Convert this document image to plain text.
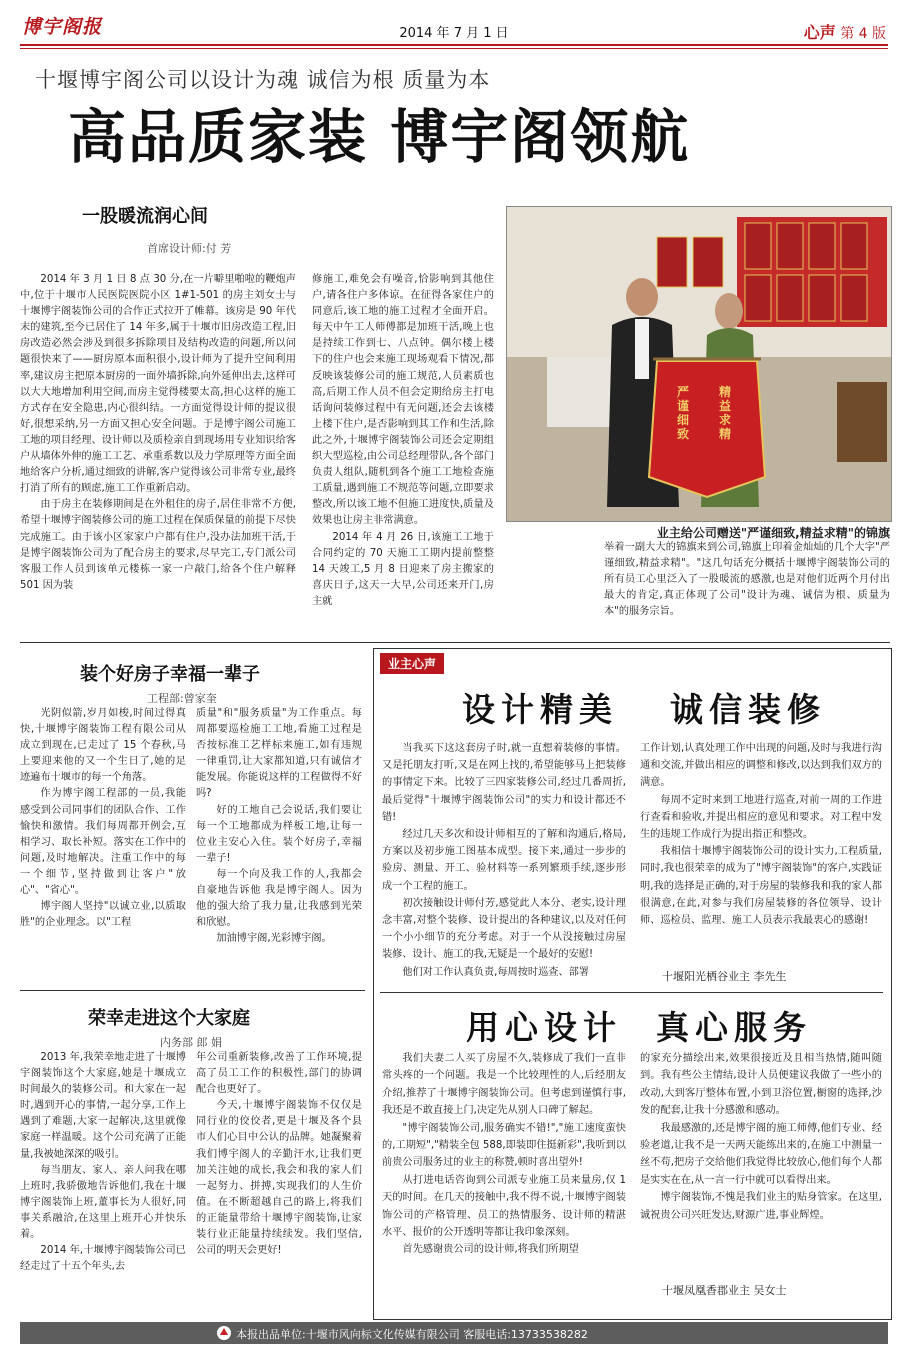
博宇阁报	2014 年 7 月 1 日	心声 第 4 版
十堰博宇阁公司以设计为魂 诚信为根 质量为本
高品质家装 博宇阁领航
一股暖流润心间
首席设计师:付 芳

2014 年 3 月 1 日 8 点 30 分,在一片噼里啪啦的鞭炮声中,位于十堰市人民医院医院小区 1#1-501 的房主刘女士与十堰博宇阁装饰公司的合作正式拉开了帷幕。该房是 90 年代末的建筑,至今已居住了 14 年多,属于十堰市旧房改造工程,旧房改造必然会涉及到很多拆除项目及结构改造的问题,所以问题很快来了——厨房原本面积很小,设计师为了提升空间利用率,建议房主把原本厨房的一面外墙拆除,向外延伸出去,这样可以大大地增加利用空间,而房主觉得楼要太高,担心这样的施工方式存在安全隐患,内心很纠结。一方面觉得设计师的提议很好,很想采纳,另一方面又担心安全问题。于是博宇阁公司施工工地的项目经理、设计师以及质检亲自到现场用专业知识给客户从墙体外伸的施工工艺、承重系数以及力学原理等方面全面地给客户分析,通过细致的讲解,客户觉得该公司非常专业,最终打消了所有的顾虑,施工工作重新启动。

由于房主在装修期间是在外租住的房子,居住非常不方便,希望十堰博宇阁装修公司的施工过程在保质保量的前提下尽快完成施工。由于该小区家家户户都有住户,没办法加班干活,于是博宇阁装饰公司为了配合房主的要求,尽早完工,专门派公司客服工作人员到该单元楼栋一家一户敲门,给各个住户解释 501 因为装

修施工,难免会有噪音,恰影响到其他住户,请各住户多体谅。在征得各家住户的同意后,该工地的施工过程才全面开启。每天中午工人师傅都是加班干活,晚上也是持续工作到七、八点钟。偶尔楼上楼下的住户也会来施工现场观看下情况,都反映该装修公司的施工规范,人员素质也高,后期工作人员不但会定期给房主打电话询问装修过程中有无问题,还会去该楼上楼下住户,是否影响到其工作和生活,除此之外,十堰博宇阁装饰公司还会定期组织大型巡检,由公司总经理带队,各个部门负责人组队,随机到各个施工工地检查施工质量,遇到施工不规范等问题,立即要求整改,所以该工地不但施工进度快,质量及效果也让房主非常满意。

2014 年 4 月 26 日,该施工工地于合同约定的 70 天施工工期内提前整整 14 天竣工,5 月 8 日迎来了房主搬家的喜庆日子,这天一大早,公司还来开门,房主就

严谨细致
精益求精
业主给公司赠送"严谨细致,精益求精"的锦旗

举着一副大大的锦旗来到公司,锦旗上印着金灿灿的几个大字"严谨细致,精益求精"。"这几句话充分概括十堰博宇阁装饰公司的所有员工心里泛入了一股暖流的感激,也是对他们近两个月付出最大的肯定,真正体现了公司"设计为魂、诚信为根、质量为本"的服务宗旨。

装个好房子幸福一辈子
工程部:曾家奎

光阴似箭,岁月如梭,时间过得真快,十堰博宇阁装饰工程有限公司从成立到现在,已走过了 15 个春秋,马上要迎来他的又一个生日了,她的足迹遍布十堰市的每一个角落。

作为博宇阁工程部的一员,我能感受到公司同事们的团队合作、工作愉快和激情。我们每周都开例会,互相学习、取长补短。落实在工作中的问题,及时地解决。注重工作中的每一个细节,坚持做到让客户"放心"、"省心"。

博宇阁人坚持"以诚立业,以质取胜"的企业理念。以"工程

质量"和"服务质量"为工作重点。每周都要巡检施工工地,看施工过程是否按标准工艺样标来施工,如有违规一律重罚,让大家都知道,只有诚信才能发展。你能说这样的工程做得不好吗?

好的工地自己会说话,我们要让每一个工地都成为样板工地,让每一位业主安心入住。装个好房子,幸福一辈子!

每一个向及我工作的人,我都会自豪地告诉他 我是博宇阁人。因为他的强大给了我力量,让我感到光荣和欣慰。

加油博宇阁,光彩博宇阁。

荣幸走进这个大家庭
内务部 郎 娟

2013 年,我荣幸地走进了十堰博宇阁装饰这个大家庭,她是十堰成立时间最久的装修公司。和大家在一起时,遇到开心的事情,一起分享,工作上遇到了难题,大家一起解决,这里就像家庭一样温暖。这个公司充满了正能量,我被她深深的吸引。

每当朋友、家人、亲人问我在哪上班时,我骄傲地告诉他们,我在十堰博宇阁装饰上班,董事长为人很好,同事关系融洽,在这里上班开心并快乐着。

2014 年,十堰博宇阁装饰公司已经走过了十五个年头,去

年公司重新装修,改善了工作环境,提高了员工工作的积极性,部门的协调配合也更好了。

今天,十堰博宇阁装饰不仅仅是同行业的佼佼者,更是十堰及各个县市人们心目中公认的品牌。她凝聚着我们博宇阁人的辛勤汗水,让我们更加关注她的成长,我会和我的家人们一起努力、拼搏,实现我们的人生价值。在不断超越自己的路上,将我们的正能量带给十堰博宇阁装饰,让家装行业正能量持续续发。我们坚信,公司的明天会更好!

业主心声
设计精美 诚信装修

当我买下这这套房子时,就一直想着装修的事情。又是托朋友打听,又是在网上找的,希望能够马上把装修的事情定下来。比较了三四家装修公司,经过几番周折,最后觉得"十堰博宇阁装饰公司"的实力和设计都还不错!

经过几天多次和设计师相互的了解和沟通后,格局,方案以及初步施工图基本成型。接下来,通过一步步的验房、测量、开工、验材料等一系列繁琐手续,逐步形成一个工程的施工。

初次接触设计师付芳,感觉此人本分、老实,设计理念丰富,对整个装修、设计提出的各种建议,以及对任何一个小小细节的充分考虑。对于一个从没接触过房屋装修、设计、施工的我,无疑是一个最好的安慰!

他们对工作认真负责,每周按时巡查、部署

工作计划,认真处理工作中出现的问题,及时与我进行沟通和交流,并做出相应的调整和修改,以达到我们双方的满意。

每周不定时来到工地进行巡查,对前一周的工作进行查看和验收,并提出相应的意见和要求。对工程中发生的违规工作成行为提出指正和整改。

我相信十堰博宇阁装饰公司的设计实力,工程质量,同时,我也很荣幸的成为了"博宇阁装饰"的客户,实践证明,我的选择是正确的,对于房屋的装修我和我的家人都很满意,在此,对参与我们房屋装修的各位领导、设计师、巡检员、监理、施工人员表示我最衷心的感谢!

十堰阳光栖谷业主 李先生
用心设计 真心服务

我们夫妻二人买了房屋不久,装修成了我们一直非常头疼的一个问题。我是一个比较理性的人,后经朋友介绍,推荐了十堰博宇阁装饰公司。但考虑到谨慎行事,我还是不敢直接上门,决定先从别人口碑了解起。

"博宇阁装饰公司,服务确实不错!","施工速度蛮快的,工期短","精装全包 588,即装即住挺新彩",我听到以前贵公司服务过的业主的称赞,顿时喜出望外!

从打进电话咨询到公司派专业施工员来量房,仅 1 天的时间。在几天的接触中,我不得不说,十堰博宇阁装饰公司的产格管理、员工的热情服务、设计师的精湛水平、报价的公开透明等都让我印象深刻。

首先感谢贵公司的设计师,将我们所期望

的家充分描绘出来,效果很接近及且相当热情,随叫随到。我有些公主情结,设计人员便建议我做了一些小的改动,大到客厅整体布置,小到卫浴位置,橱窗的选择,沙发的配套,让我十分感激和感动。

我最感激的,还是博宇阁的施工师傅,他们专业、经验老道,让我不是一天两天能练出来的,在施工中测量一丝不苟,把房子交给他们我觉得比较放心,他们每个人都是实实在在,从一言一行中就可以看得出来。

博宇阁装饰,不愧是我们业主的贴身管家。在这里,诚祝贵公司兴旺发达,财源广进,事业辉煌。

十堰凤凰香郡业主 吴女士
本报出品单位:十堰市风向标文化传媒有限公司 客服电话:13733538282
